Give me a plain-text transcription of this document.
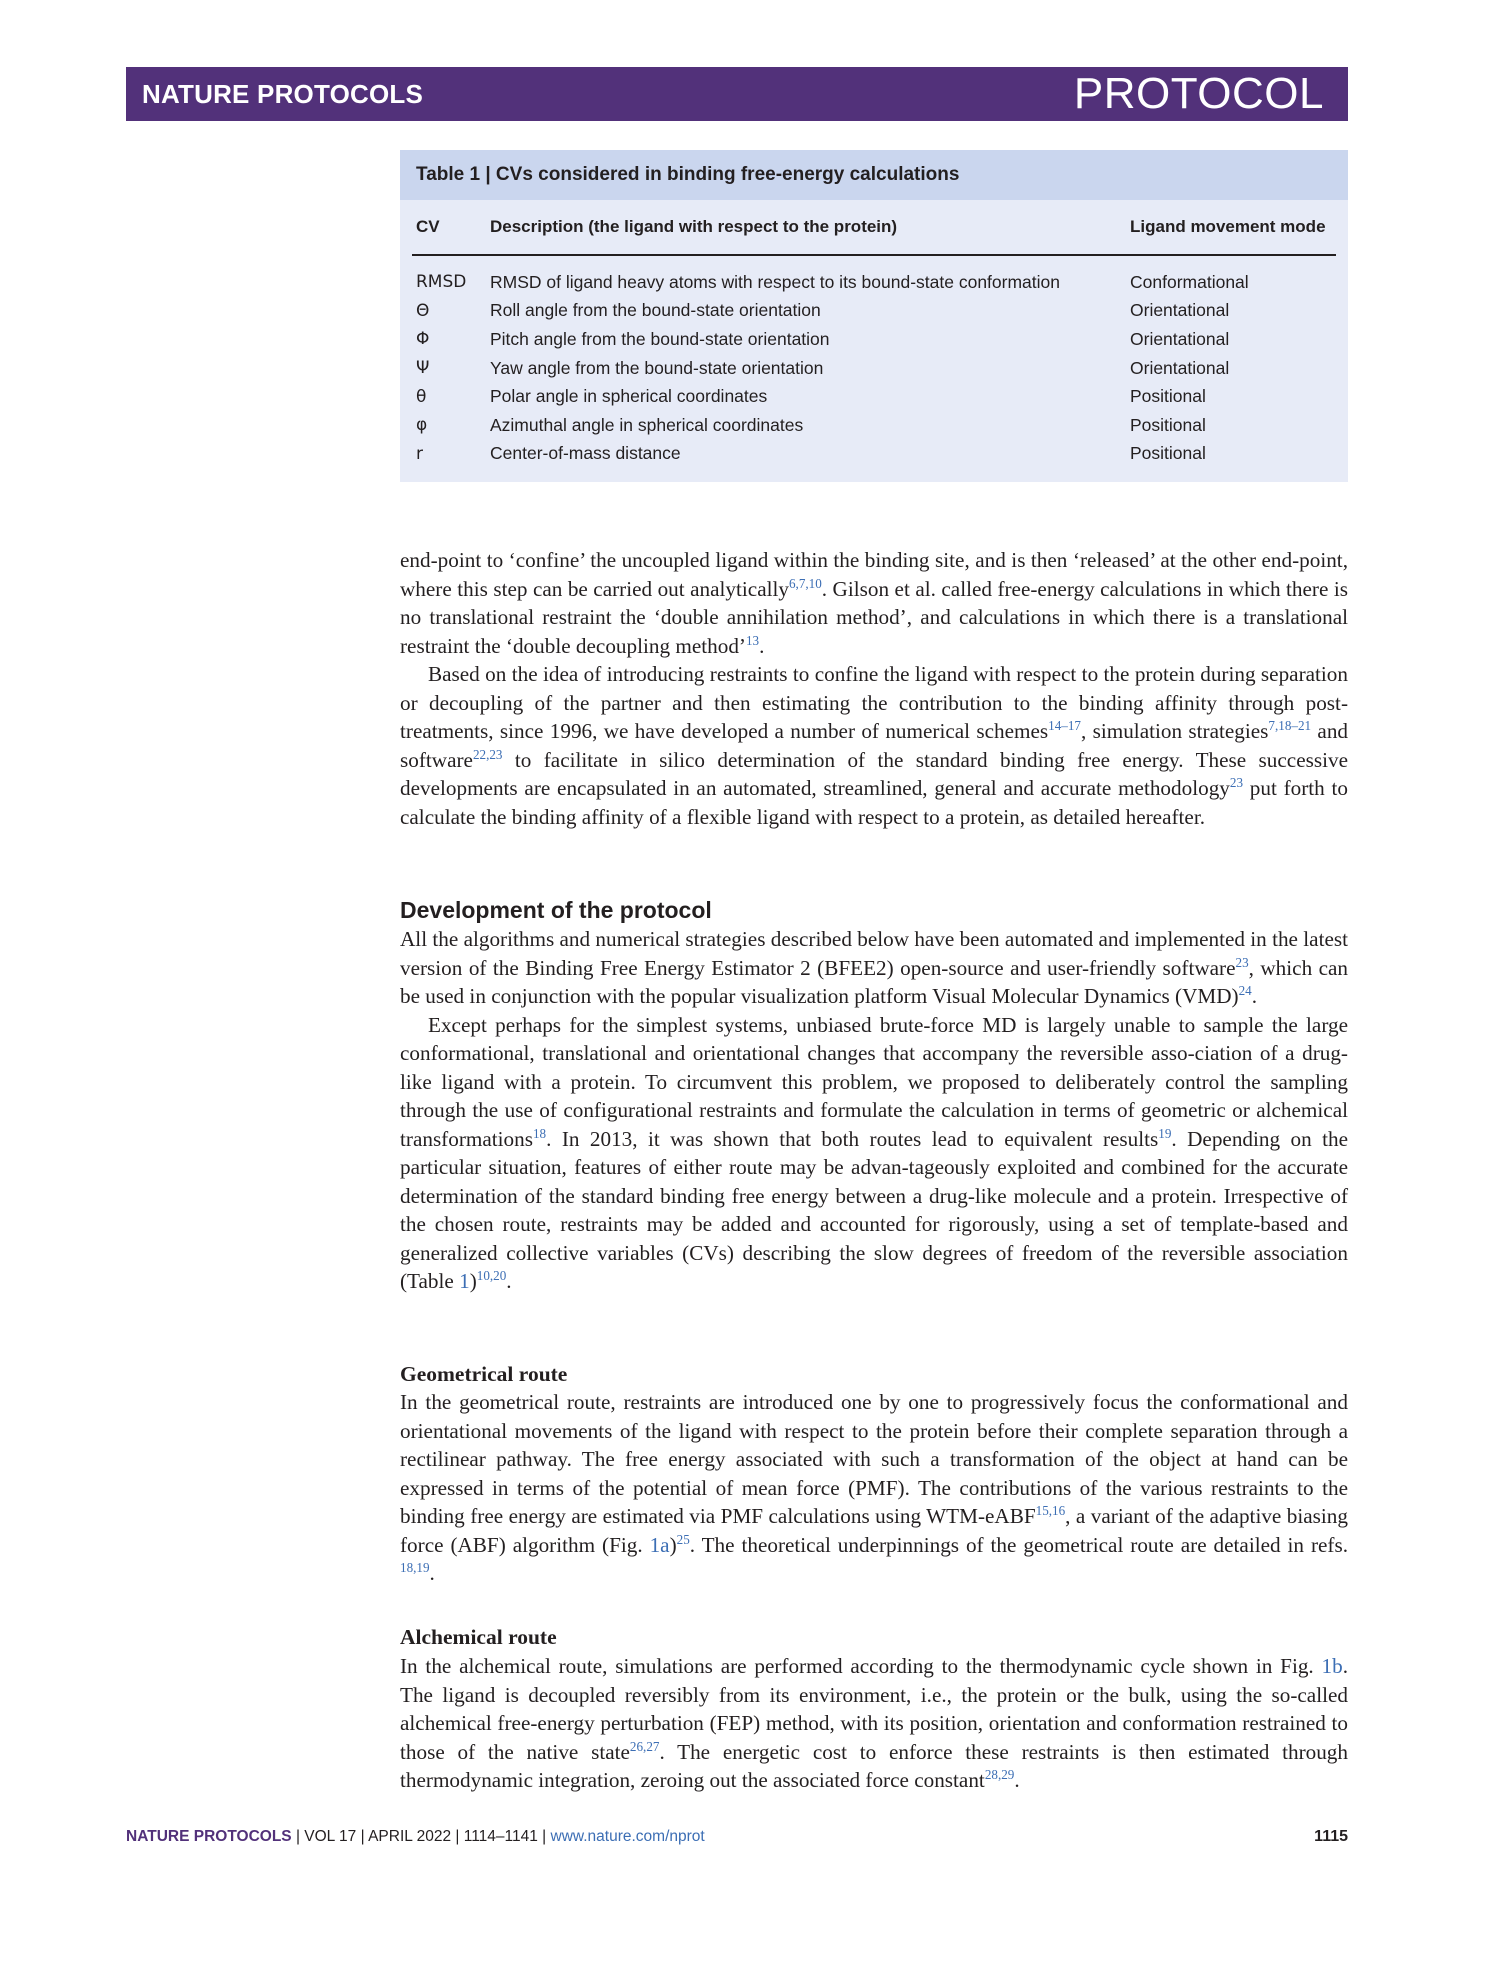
NATURE PROTOCOLS	PROTOCOL
Table 1 | CVs considered in binding free-energy calculations
CV	Description (the ligand with respect to the protein)	Ligand movement mode
RMSD	RMSD of ligand heavy atoms with respect to its bound-state conformation	Conformational
Θ	Roll angle from the bound-state orientation	Orientational
Φ	Pitch angle from the bound-state orientation	Orientational
Ψ	Yaw angle from the bound-state orientation	Orientational
θ	Polar angle in spherical coordinates	Positional
φ	Azimuthal angle in spherical coordinates	Positional
r	Center-of-mass distance	Positional

end-point to ‘confine’ the uncoupled ligand within the binding site, and is then ‘released’ at the other end-point, where this step can be carried out analytically$^{6,7,10}$. Gilson et al. called free-energy calculations in which there is no translational restraint the ‘double annihilation method’, and calculations in which there is a translational restraint the ‘double decoupling method’$^{13}$.

Based on the idea of introducing restraints to confine the ligand with respect to the protein during separation or decoupling of the partner and then estimating the contribution to the binding affinity through post-treatments, since 1996, we have developed a number of numerical schemes$^{14-17}$, simulation strategies$^{7,18-21}$ and software$^{22,23}$ to facilitate in silico determination of the standard binding free energy. These successive developments are encapsulated in an automated, streamlined, general and accurate methodology$^{23}$ put forth to calculate the binding affinity of a flexible ligand with respect to a protein, as detailed hereafter.

Development of the protocol

All the algorithms and numerical strategies described below have been automated and implemented in the latest version of the Binding Free Energy Estimator 2 (BFEE2) open-source and user-friendly software$^{23}$, which can be used in conjunction with the popular visualization platform Visual Molecular Dynamics (VMD)$^{24}$.

Except perhaps for the simplest systems, unbiased brute-force MD is largely unable to sample the large conformational, translational and orientational changes that accompany the reversible asso-ciation of a drug-like ligand with a protein. To circumvent this problem, we proposed to deliberately control the sampling through the use of configurational restraints and formulate the calculation in terms of geometric or alchemical transformations$^{18}$. In 2013, it was shown that both routes lead to equivalent results$^{19}$. Depending on the particular situation, features of either route may be advan-tageously exploited and combined for the accurate determination of the standard binding free energy between a drug-like molecule and a protein. Irrespective of the chosen route, restraints may be added and accounted for rigorously, using a set of template-based and generalized collective variables (CVs) describing the slow degrees of freedom of the reversible association (Table 1)$^{10,20}$.

Geometrical route

In the geometrical route, restraints are introduced one by one to progressively focus the conformational and orientational movements of the ligand with respect to the protein before their complete separation through a rectilinear pathway. The free energy associated with such a transformation of the object at hand can be expressed in terms of the potential of mean force (PMF). The contributions of the various restraints to the binding free energy are estimated via PMF calculations using WTM-eABF$^{15,16}$, a variant of the adaptive biasing force (ABF) algorithm (Fig. 1a)$^{25}$. The theoretical underpinnings of the geometrical route are detailed in refs. $^{18,19}$.

Alchemical route

In the alchemical route, simulations are performed according to the thermodynamic cycle shown in Fig. 1b. The ligand is decoupled reversibly from its environment, i.e., the protein or the bulk, using the so-called alchemical free-energy perturbation (FEP) method, with its position, orientation and conformation restrained to those of the native state$^{26,27}$. The energetic cost to enforce these restraints is then estimated through thermodynamic integration, zeroing out the associated force constant$^{28,29}$.

NATURE PROTOCOLS | VOL 17 | APRIL 2022 | 1114–1141 | www.nature.com/nprot	1115
